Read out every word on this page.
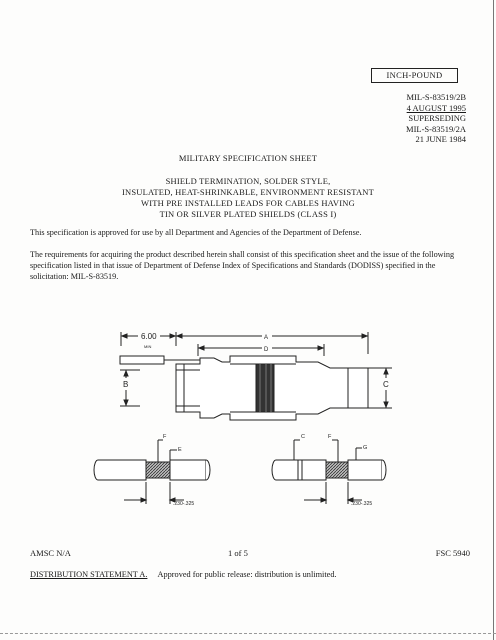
INCH-POUND
MIL-S-83519/2B
4 AUGUST 1995
SUPERSEDING
MIL-S-83519/2A
21 JUNE 1984
MILITARY SPECIFICATION SHEET
SHIELD TERMINATION, SOLDER STYLE,
INSULATED, HEAT-SHRINKABLE, ENVIRONMENT RESISTANT
WITH PRE INSTALLED LEADS FOR CABLES HAVING
TIN OR SILVER PLATED SHIELDS (CLASS I)
This specification is approved for use by all Department and Agencies of the Department of Defense.
The requirements for acquiring the product described herein shall consist of this specification sheet and the issue of the following specification listed in that issue of Department of Defense Index of Specifications and Standards (DODISS) specified in the solicitation: MIL-S-83519.
6.00
MIN
A
D
B	C
F
E
.230-.325
C	F
G
.230-.325
AMSC N/A	1 of 5	FSC 5940
DISTRIBUTION STATEMENT A. Approved for public release: distribution is unlimited.
